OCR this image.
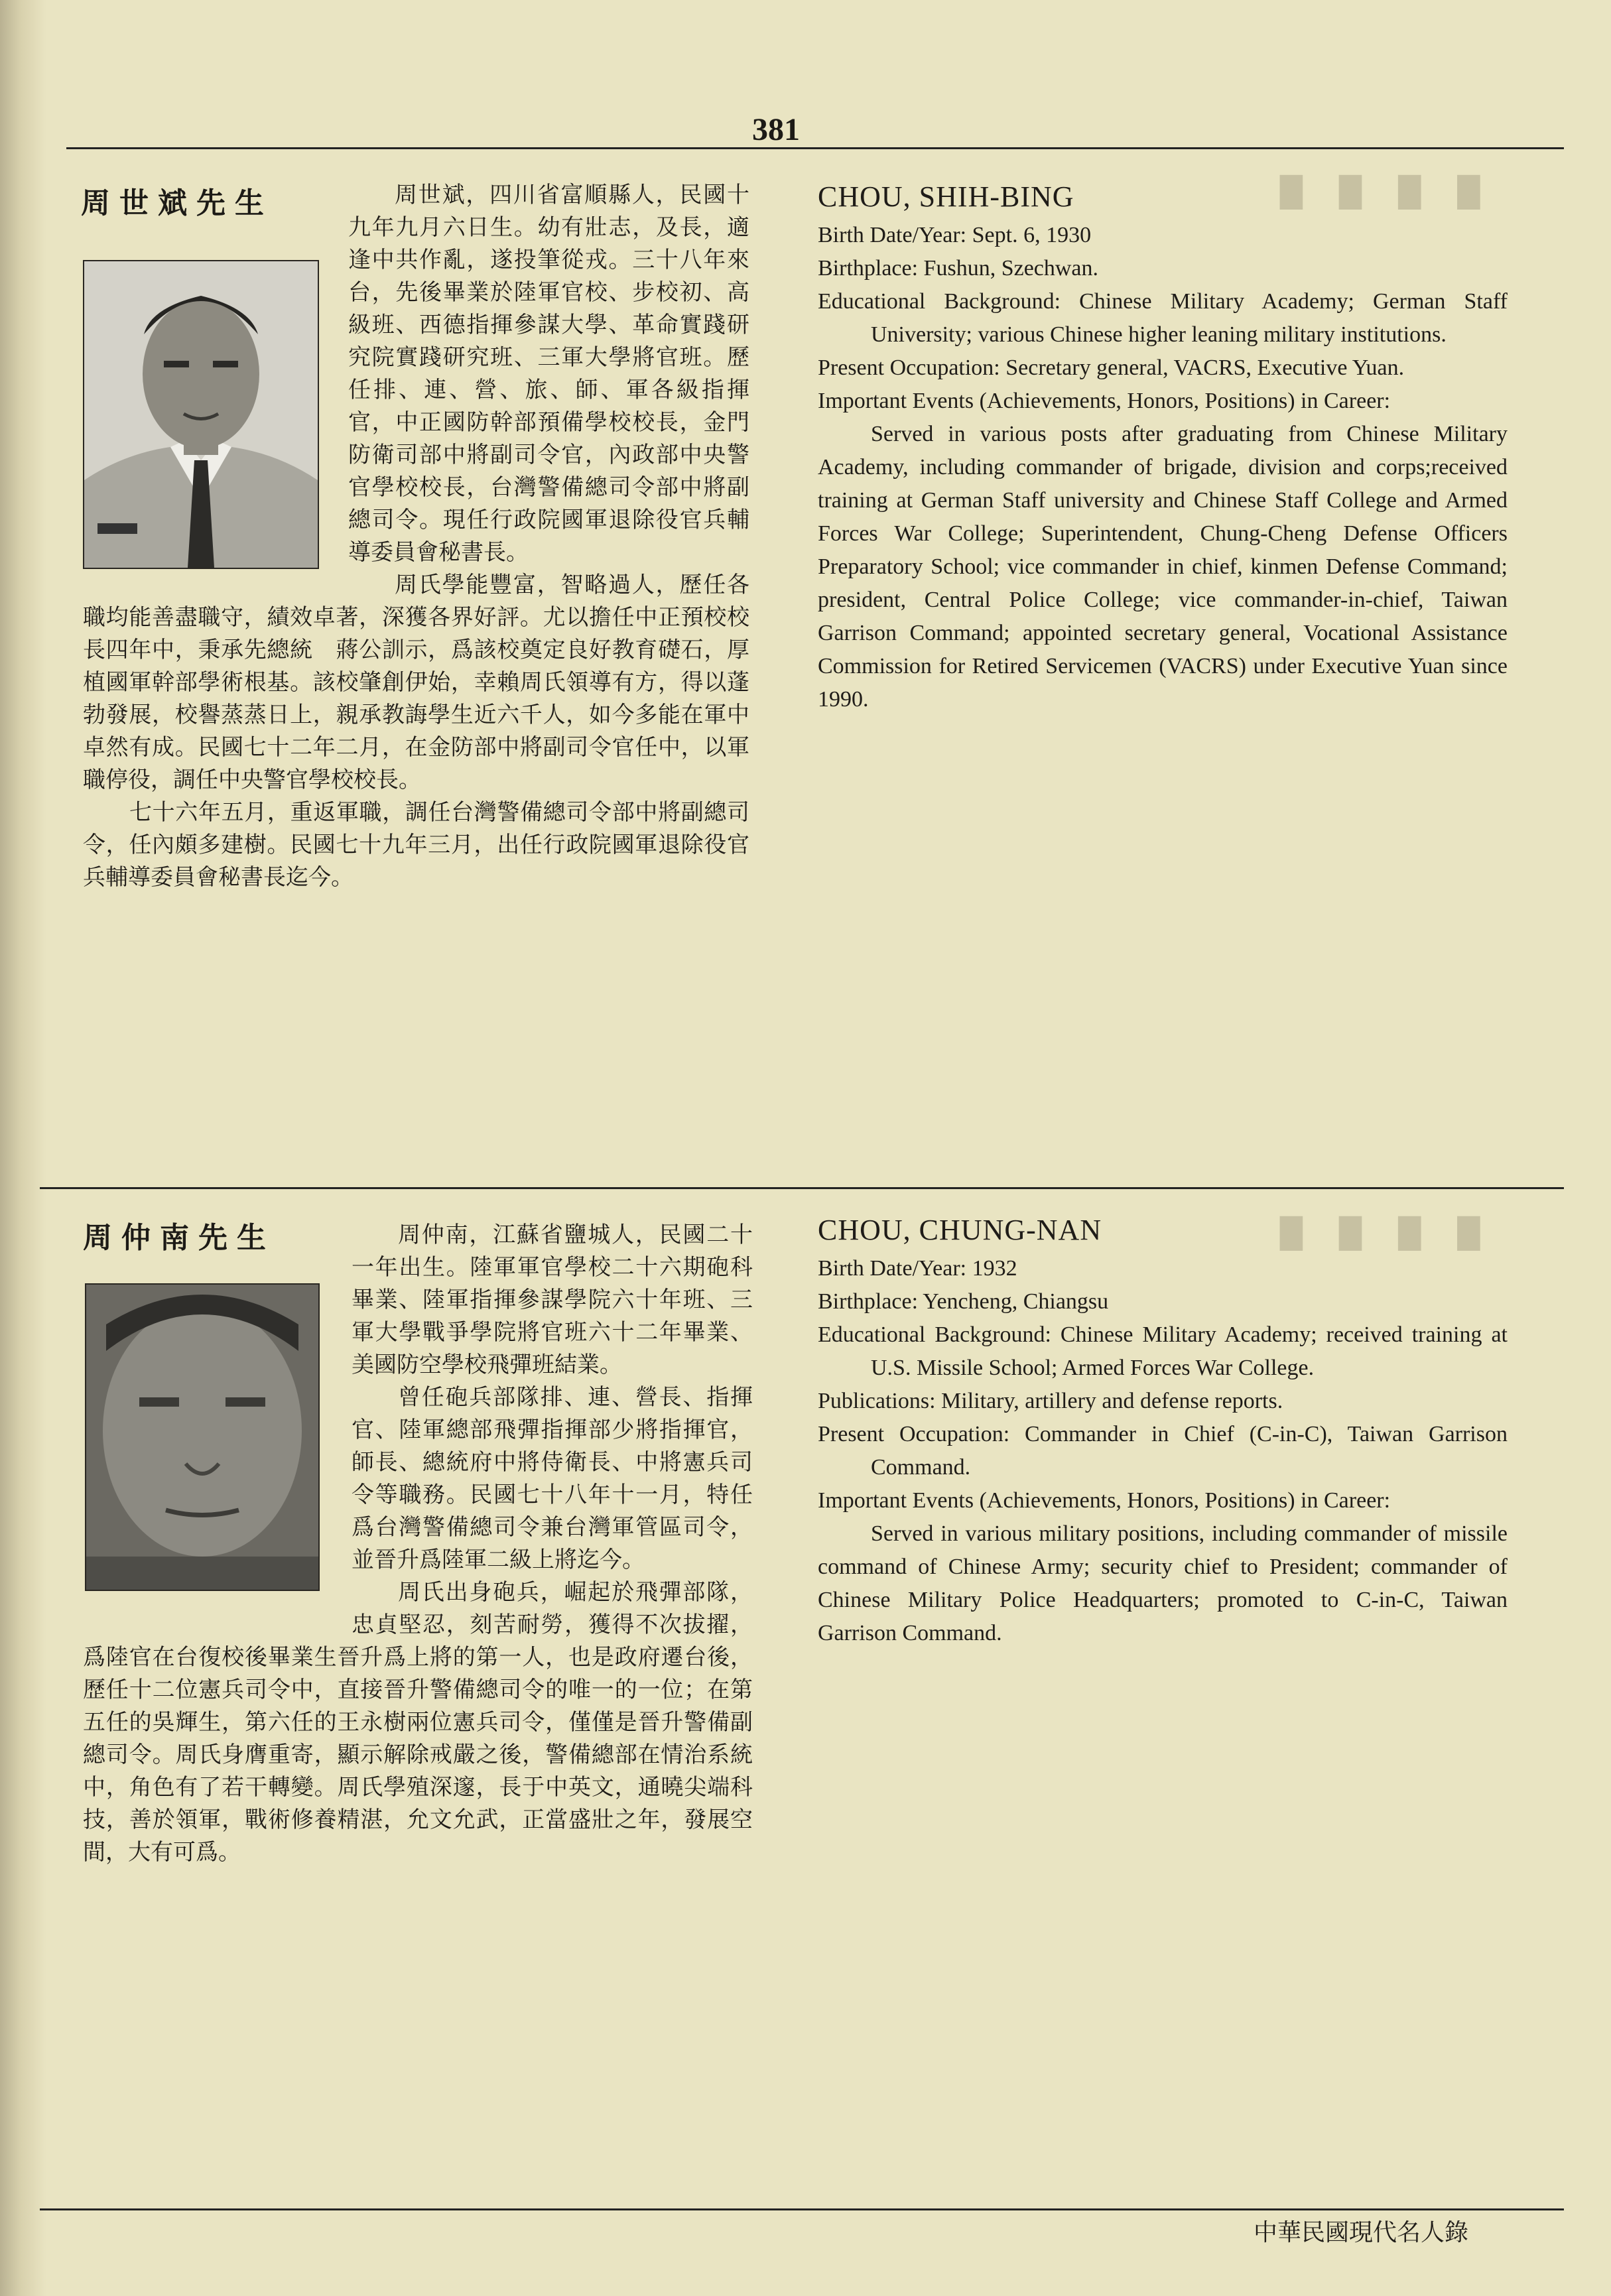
381
█ █ █ █
█ █ █ █
周世斌先生	周世斌，四川省富順縣人，民國十九年九月六日生。幼有壯志，及長，適逢中共作亂，遂投筆從戎。三十八年來台，先後畢業於陸軍官校、步校初、高級班、西德指揮參謀大學、革命實踐研究院實踐研究班、三軍大學將官班。歷任排、連、營、旅、師、軍各級指揮官，中正國防幹部預備學校校長，金門防衛司部中將副司令官，內政部中央警官學校校長，台灣警備總司令部中將副總司令。現任行政院國軍退除役官兵輔導委員會秘書長。

周氏學能豐富，智略過人，歷任各職均能善盡職守，績效卓著，深獲各界好評。尤以擔任中正預校校長四年中，秉承先總統　蔣公訓示，爲該校奠定良好教育礎石，厚植國軍幹部學術根基。該校肇創伊始，幸賴周氏領導有方，得以蓬勃發展，校譽蒸蒸日上，親承教誨學生近六千人，如今多能在軍中卓然有成。民國七十二年二月，在金防部中將副司令官任中，以軍職停役，調任中央警官學校校長。

七十六年五月，重返軍職，調任台灣警備總司令部中將副總司令，任內頗多建樹。民國七十九年三月，出任行政院國軍退除役官兵輔導委員會秘書長迄今。

CHOU, SHIH-BING
Birth Date/Year: Sept. 6, 1930
Birthplace: Fushun, Szechwan.
Educational Background: Chinese Military Academy; German Staff University; various Chinese higher leaning military institutions.
Present Occupation: Secretary general, VACRS, Executive Yuan.
Important Events (Achievements, Honors, Positions) in Career:
Served in various posts after graduating from Chinese Military Academy, including commander of brigade, division and corps;received training at German Staff university and Chinese Staff College and Armed Forces War College; Superintendent, Chung-Cheng Defense Officers Preparatory School; vice commander in chief, kinmen Defense Command; president, Central Police College; vice commander-in-chief, Taiwan Garrison Command; appointed secretary general, Vocational Assistance Commission for Retired Servicemen (VACRS) under Executive Yuan since 1990.
周仲南先生	周仲南，江蘇省鹽城人，民國二十一年出生。陸軍軍官學校二十六期砲科畢業、陸軍指揮參謀學院六十年班、三軍大學戰爭學院將官班六十二年畢業、美國防空學校飛彈班結業。

曾任砲兵部隊排、連、營長、指揮官、陸軍總部飛彈指揮部少將指揮官，師長、總統府中將侍衛長、中將憲兵司令等職務。民國七十八年十一月，特任爲台灣警備總司令兼台灣軍管區司令，並晉升爲陸軍二級上將迄今。

周氏出身砲兵，崛起於飛彈部隊，忠貞堅忍，刻苦耐勞，獲得不次拔擢，爲陸官在台復校後畢業生晉升爲上將的第一人，也是政府遷台後，歷任十二位憲兵司令中，直接晉升警備總司令的唯一的一位；在第五任的吳輝生，第六任的王永樹兩位憲兵司令，僅僅是晉升警備副總司令。周氏身膺重寄，顯示解除戒嚴之後，警備總部在情治系統中，角色有了若干轉變。周氏學殖深邃，長于中英文，通曉尖端科技，善於領軍，戰術修養精湛，允文允武，正當盛壯之年，發展空間，大有可爲。

CHOU, CHUNG-NAN
Birth Date/Year: 1932
Birthplace: Yencheng, Chiangsu
Educational Background: Chinese Military Academy; received training at U.S. Missile School; Armed Forces War College.
Publications: Military, artillery and defense reports.
Present Occupation: Commander in Chief (C-in-C), Taiwan Garrison Command.
Important Events (Achievements, Honors, Positions) in Career:
Served in various military positions, including commander of missile command of Chinese Army; security chief to President; commander of Chinese Military Police Headquarters; promoted to C-in-C, Taiwan Garrison Command.
中華民國現代名人錄
